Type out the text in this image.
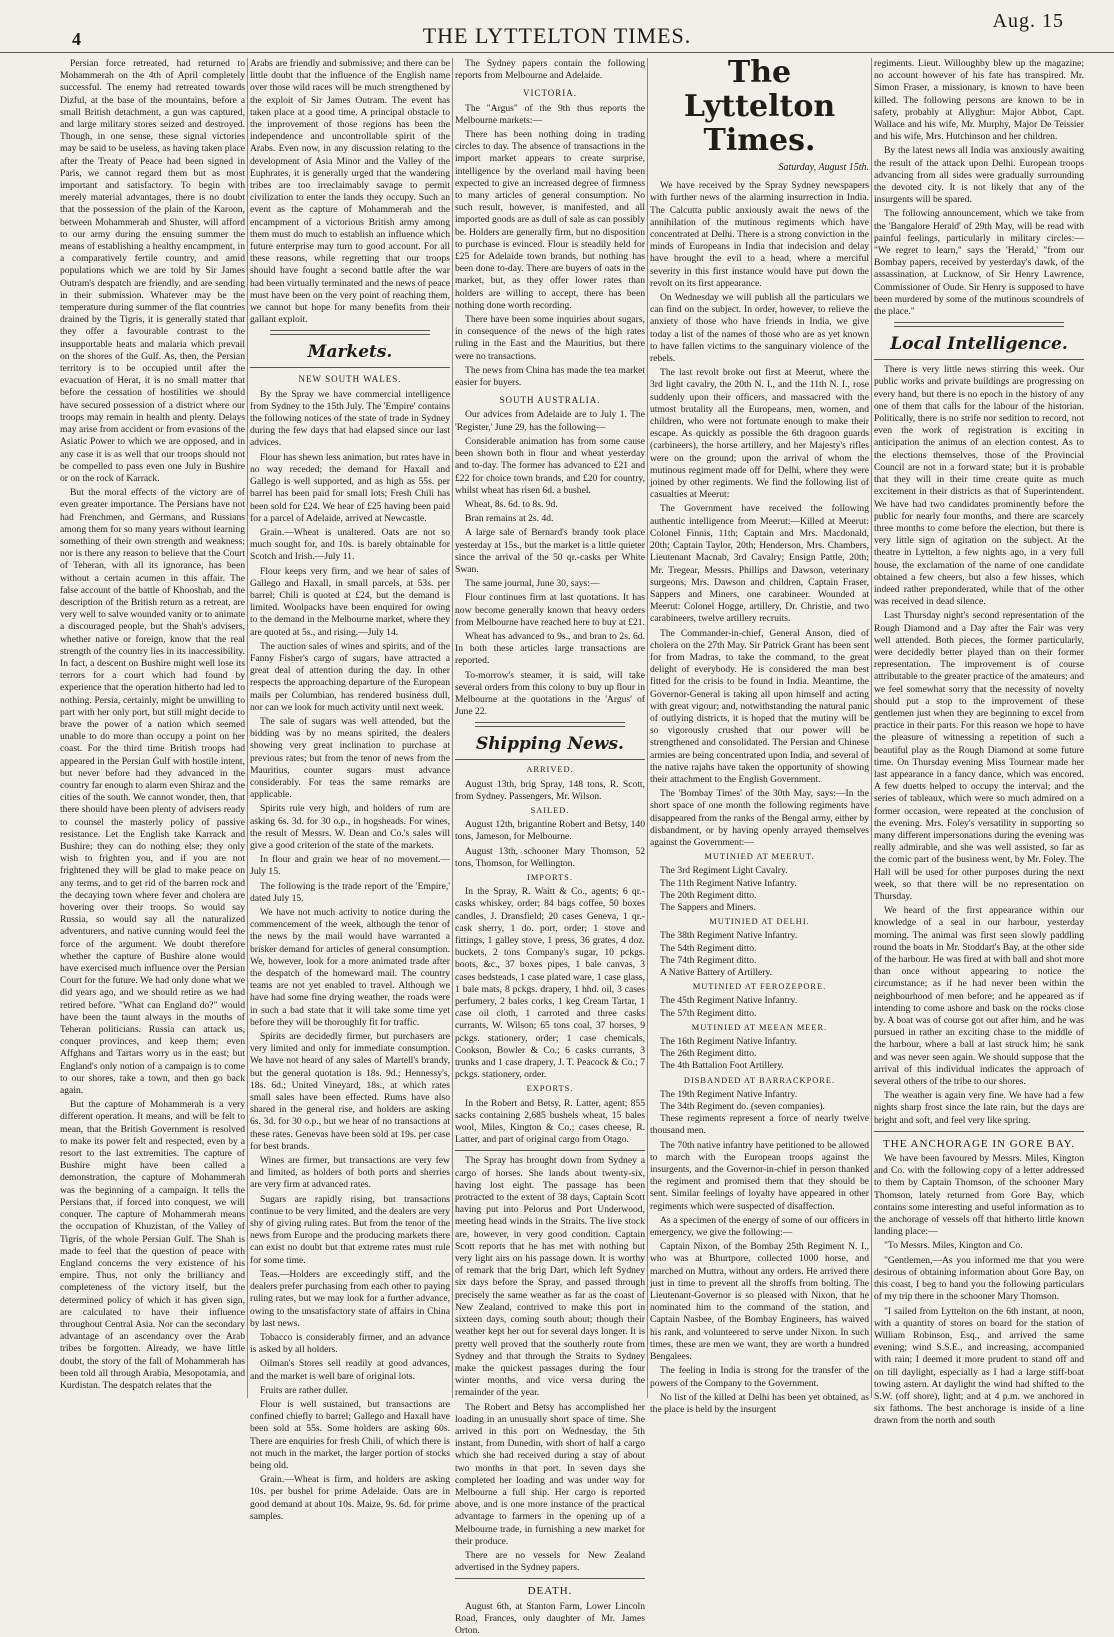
4	THE LYTTELTON TIMES.
Aug. 15

Persian force retreated, had returned to Mohammerah on the 4th of April completely successful. The enemy had retreated towards Dizful, at the base of the mountains, before a small British detachment, a gun was captured, and large military stores seized and destroyed. Though, in one sense, these signal victories may be said to be useless, as having taken place after the Treaty of Peace had been signed in Paris, we cannot regard them but as most important and satisfactory. To begin with merely material advantages, there is no doubt that the possession of the plain of the Karoon, between Mohammerah and Shuster, will afford to our army during the ensuing summer the means of establishing a healthy encampment, in a comparatively fertile country, and amid populations which we are told by Sir James Outram's despatch are friendly, and are sending in their submission. Whatever may be the temperature during summer of the flat countries drained by the Tigris, it is generally stated that they offer a favourable contrast to the insupportable heats and malaria which prevail on the shores of the Gulf. As, then, the Persian territory is to be occupied until after the evacuation of Herat, it is no small matter that before the cessation of hostilities we should have secured possession of a district where our troops may remain in health and plenty. Delays may arise from accident or from evasions of the Asiatic Power to which we are opposed, and in any case it is as well that our troops should not be compelled to pass even one July in Bushire or on the rock of Karrack.

But the moral effects of the victory are of even greater importance. The Persians have not had Frenchmen, and Germans, and Russians among them for so many years without learning something of their own strength and weakness; nor is there any reason to believe that the Court of Teheran, with all its ignorance, has been without a certain acumen in this affair. The false account of the battle of Khooshab, and the description of the British return as a retreat, are very well to salve wounded vanity or to animate a discouraged people, but the Shah's advisers, whether native or foreign, know that the real strength of the country lies in its inaccessibility. In fact, a descent on Bushire might well lose its terrors for a court which had found by experience that the operation hitherto had led to nothing. Persia, certainly, might be unwilling to part with her only port, but still might decide to brave the power of a nation which seemed unable to do more than occupy a point on her coast. For the third time British troops had appeared in the Persian Gulf with hostile intent, but never before had they advanced in the country far enough to alarm even Shiraz and the cities of the south. We cannot wonder, then, that there should have been plenty of advisers ready to counsel the masterly policy of passive resistance. Let the English take Karrack and Bushire; they can do nothing else; they only wish to frighten you, and if you are not frightened they will be glad to make peace on any terms, and to get rid of the barren rock and the decaying town where fever and cholera are hovering over their troops. So would say Russia, so would say all the naturalized adventurers, and native cunning would feel the force of the argument. We doubt therefore whether the capture of Bushire alone would have exercised much influence over the Persian Court for the future. We had only done what we did years ago, and we should retire as we had retired before. "What can England do?" would have been the taunt always in the mouths of Teheran politicians. Russia can attack us, conquer provinces, and keep them; even Affghans and Tartars worry us in the east; but England's only notion of a campaign is to come to our shores, take a town, and then go back again.

But the capture of Mohammerah is a very different operation. It means, and will be felt to mean, that the British Government is resolved to make its power felt and respected, even by a resort to the last extremities. The capture of Bushire might have been called a demonstration, the capture of Mohammerah was the beginning of a campaign. It tells the Persians that, if forced into conquest, we will conquer. The capture of Mohammerah means the occupation of Khuzistan, of the Valley of Tigris, of the whole Persian Gulf. The Shah is made to feel that the question of peace with England concerns the very existence of his empire. Thus, not only the brilliancy and completeness of the victory itself, but the determined policy of which it has given sign, are calculated to have their influence throughout Central Asia. Nor can the secondary advantage of an ascendancy over the Arab tribes be forgotten. Already, we have little doubt, the story of the fall of Mohammerah has been told all through Arabia, Mesopotamia, and Kurdistan. The despatch relates that the

Arabs are friendly and submissive; and there can be little doubt that the influence of the English name over those wild races will be much strengthened by the exploit of Sir James Outram. The event has taken place at a good time. A principal obstacle to the improvement of those regions has been the independence and uncontrollable spirit of the Arabs. Even now, in any discussion relating to the development of Asia Minor and the Valley of the Euphrates, it is generally urged that the wandering tribes are too irreclaimably savage to permit civilization to enter the lands they occupy. Such an event as the capture of Mohammerah and the encampment of a victorious British army among them must do much to establish an influence which future enterprise may turn to good account. For all these reasons, while regretting that our troops should have fought a second battle after the war had been virtually terminated and the news of peace must have been on the very point of reaching them, we cannot but hope for many benefits from their gallant exploit.

Markets.
NEW SOUTH WALES.

By the Spray we have commercial intelligence from Sydney to the 15th July. The 'Empire' contains the following notices of the state of trade in Sydney during the few days that had elapsed since our last advices.

Flour has shewn less animation, but rates have in no way receded; the demand for Haxall and Gallego is well supported, and as high as 55s. per barrel has been paid for small lots; Fresh Chili has been sold for £24. We hear of £25 having been paid for a parcel of Adelaide, arrived at Newcastle.

Grain.—Wheat is unaltered. Oats are not so much sought for, and 10s. is barely obtainable for Scotch and Irish.—July 11.

Flour keeps very firm, and we hear of sales of Gallego and Haxall, in small parcels, at 53s. per barrel; Chili is quoted at £24, but the demand is limited. Woolpacks have been enquired for owing to the demand in the Melbourne market, where they are quoted at 5s., and rising.—July 14.

The auction sales of wines and spirits, and of the Fanny Fisher's cargo of sugars, have attracted a great deal of attention during the day. In other respects the approaching departure of the European mails per Columbian, has rendered business dull, nor can we look for much activity until next week.

The sale of sugars was well attended, but the bidding was by no means spirited, the dealers showing very great inclination to purchase at previous rates; but from the tenor of news from the Mauritius, counter sugars must advance considerably. For teas the same remarks are applicable.

Spirits rule very high, and holders of rum are asking 6s. 3d. for 30 o.p., in hogsheads. For wines, the result of Messrs. W. Dean and Co.'s sales will give a good criterion of the state of the markets.

In flour and grain we hear of no movement.—July 15.

The following is the trade report of the 'Empire,' dated July 15.

We have not much activity to notice during the commencement of the week, although the tenor of the news by the mail would have warranted a brisker demand for articles of general consumption. We, however, look for a more animated trade after the despatch of the homeward mail. The country teams are not yet enabled to travel. Although we have had some fine drying weather, the roads were in such a bad state that it will take some time yet before they will be thoroughly fit for traffic.

Spirits are decidedly firmer, but purchasers are very limited and only for immediate consumption. We have not heard of any sales of Martell's brandy, but the general quotation is 18s. 9d.; Hennessy's, 18s. 6d.; United Vineyard, 18s., at which rates small sales have been effected. Rums have also shared in the general rise, and holders are asking 6s. 3d. for 30 o.p., but we hear of no transactions at these rates. Genevas have been sold at 19s. per case for best brands.

Wines are firmer, but transactions are very few and limited, as holders of both ports and sherries are very firm at advanced rates.

Sugars are rapidly rising, but transactions continue to be very limited, and the dealers are very shy of giving ruling rates. But from the tenor of the news from Europe and the producing markets there can exist no doubt but that extreme rates must rule for some time.

Teas.—Holders are exceedingly stiff, and the dealers prefer purchasing from each other to paying ruling rates, but we may look for a further advance, owing to the unsatisfactory state of affairs in China by last news.

Tobacco is considerably firmer, and an advance is asked by all holders.

Oilman's Stores sell readily at good advances, and the market is well bare of original lots.

Fruits are rather duller.

Flour is well sustained, but transactions are confined chiefly to barrel; Gallego and Haxall have been sold at 55s. Some holders are asking 60s. There are enquiries for fresh Chili, of which there is not much in the market, the larger portion of stocks being old.

Grain.—Wheat is firm, and holders are asking 10s. per bushel for prime Adelaide. Oats are in good demand at about 10s. Maize, 9s. 6d. for prime samples.

The Sydney papers contain the following reports from Melbourne and Adelaide.

VICTORIA.

The "Argus" of the 9th thus reports the Melbourne markets:—

There has been nothing doing in trading circles to day. The absence of transactions in the import market appears to create surprise, intelligence by the overland mail having been expected to give an increased degree of firmness to many articles of general consumption. No such result, however, is manifested, and all imported goods are as dull of sale as can possibly be. Holders are generally firm, but no disposition to purchase is evinced. Flour is steadily held for £25 for Adelaide town brands, but nothing has been done to-day. There are buyers of oats in the market, but, as they offer lower rates than holders are willing to accept, there has been nothing done worth recording.

There have been some inquiries about sugars, in consequence of the news of the high rates ruling in the East and the Mauritius, but there were no transactions.

The news from China has made the tea market easier for buyers.

SOUTH AUSTRALIA.

Our advices from Adelaide are to July 1. The 'Register,' June 29, has the following—

Considerable animation has from some cause been shown both in flour and wheat yesterday and to-day. The former has advanced to £21 and £22 for choice town brands, and £20 for country, whilst wheat has risen 6d. a bushel.

Wheat, 8s. 6d. to 8s. 9d.

Bran remains at 2s. 4d.

A large sale of Bernard's brandy took place yesterday at 15s., but the market is a little quieter since the arrival of the 50 qr.-casks per White Swan.

The same journal, June 30, says:—

Flour continues firm at last quotations. It has now become generally known that heavy orders from Melbourne have reached here to buy at £21.

Wheat has advanced to 9s., and bran to 2s. 6d. In both these articles large transactions are reported.

To-morrow's steamer, it is said, will take several orders from this colony to buy up flour in Melbourne at the quotations in the 'Argus' of June 22.

Shipping News.
ARRIVED.

August 13th, brig Spray, 148 tons, R. Scott, from Sydney. Passengers, Mr. Wilson.

SAILED.

August 12th, brigantine Robert and Betsy, 140 tons, Jameson, for Melbourne.

August 13th, schooner Mary Thomson, 52 tons, Thomson, for Wellington.

IMPORTS.

In the Spray, R. Waitt & Co., agents; 6 qr.-casks whiskey, order; 84 bags coffee, 50 boxes candles, J. Dransfield; 20 cases Geneva, 1 qr.-cask sherry, 1 do. port, order; 1 stove and fittings, 1 galley stove, 1 press, 36 grates, 4 doz. buckets, 2 tons Company's sugar, 10 pckgs. boots, &c., 37 boxes pipes, 1 bale canvas, 3 cases bedsteads, 1 case plated ware, 1 case glass, 1 bale mats, 8 pckgs. drapery, 1 hhd. oil, 3 cases perfumery, 2 bales corks, 1 keg Cream Tartar, 1 case oil cloth, 1 carroted and three casks currants, W. Wilson; 65 tons coal, 37 horses, 9 pckgs. stationery, order; 1 case chemicals, Cookson, Bowler & Co.; 6 casks currants, 3 trunks and 1 case drapery, J. T. Peacock & Co.; 7 pckgs. stationery, order.

EXPORTS.

In the Robert and Betsy, R. Latter, agent; 855 sacks containing 2,685 bushels wheat, 15 bales wool, Miles, Kington & Co.; cases cheese, R. Latter, and part of original cargo from Otago.

The Spray has brought down from Sydney a cargo of horses. She lands about twenty-six, having lost eight. The passage has been protracted to the extent of 38 days, Captain Scott having put into Pelorus and Port Underwood, meeting head winds in the Straits. The live stock are, however, in very good condition. Captain Scott reports that he has met with nothing but very light airs on his passage down. It is worthy of remark that the brig Dart, which left Sydney six days before the Spray, and passed through precisely the same weather as far as the coast of New Zealand, contrived to make this port in sixteen days, coming south about; though their weather kept her out for several days longer. It is pretty well proved that the southerly route from Sydney and that through the Straits to Sydney make the quickest passages during the four winter months, and vice versa during the remainder of the year.

The Robert and Betsy has accomplished her loading in an unusually short space of time. She arrived in this port on Wednesday, the 5th instant, from Dunedin, with short of half a cargo which she had received during a stay of about two months in that port. In seven days she completed her loading and was under way for Melbourne a full ship. Her cargo is reported above, and is one more instance of the practical advantage to farmers in the opening up of a Melbourne trade, in furnishing a new market for their produce.

There are no vessels for New Zealand advertised in the Sydney papers.

DEATH.

August 6th, at Stanton Farm, Lower Lincoln Road, Frances, only daughter of Mr. James Orton.

The Lyttelton Times.
Saturday, August 15th.

We have received by the Spray Sydney newspapers with further news of the alarming insurrection in India. The Calcutta public anxiously await the news of the annihilation of the mutinous regiments which have concentrated at Delhi. There is a strong conviction in the minds of Europeans in India that indecision and delay have brought the evil to a head, where a merciful severity in this first instance would have put down the revolt on its first appearance.

On Wednesday we will publish all the particulars we can find on the subject. In order, however, to relieve the anxiety of those who have friends in India, we give today a list of the names of those who are as yet known to have fallen victims to the sanguinary violence of the rebels.

The last revolt broke out first at Meerut, where the 3rd light cavalry, the 20th N. I., and the 11th N. I., rose suddenly upon their officers, and massacred with the utmost brutality all the Europeans, men, women, and children, who were not fortunate enough to make their escape. As quickly as possible the 6th dragoon guards (carbineers), the horse artillery, and her Majesty's rifles were on the ground; upon the arrival of whom the mutinous regiment made off for Delhi, where they were joined by other regiments. We find the following list of casualties at Meerut:

The Government have received the following authentic intelligence from Meerut:—Killed at Meerut: Colonel Finnis, 11th; Captain and Mrs. Macdonald, 20th; Captain Taylor, 20th; Henderson, Mrs. Chambers, Lieutenant Macnab, 3rd Cavalry; Ensign Pattle, 20th; Mr. Tregear, Messrs. Phillips and Dawson, veterinary surgeons, Mrs. Dawson and children, Captain Fraser, Sappers and Miners, one carabineer. Wounded at Meerut: Colonel Hogge, artillery, Dr. Christie, and two carabineers, twelve artillery recruits.

The Commander-in-chief, General Anson, died of cholera on the 27th May. Sir Patrick Grant has been sent for from Madras, to take the command, to the great delight of everybody. He is considered the man best fitted for the crisis to be found in India. Meantime, the Governor-General is taking all upon himself and acting with great vigour; and, notwithstanding the natural panic of outlying districts, it is hoped that the mutiny will be so vigorously crushed that our power will be strengthened and consolidated. The Persian and Chinese armies are being concentrated upon India, and several of the native rajahs have taken the opportunity of showing their attachment to the English Government.

The 'Bombay Times' of the 30th May, says:—In the short space of one month the following regiments have disappeared from the ranks of the Bengal army, either by disbandment, or by having openly arrayed themselves against the Government:—

MUTINIED AT MEERUT.

The 3rd Regiment Light Cavalry.

The 11th Regiment Native Infantry.

The 20th Regiment ditto.

The Sappers and Miners.

MUTINIED AT DELHI.

The 38th Regiment Native Infantry.

The 54th Regiment ditto.

The 74th Regiment ditto.

A Native Battery of Artillery.

MUTINIED AT FEROZEPORE.

The 45th Regiment Native Infantry.

The 57th Regiment ditto.

MUTINIED AT MEEAN MEER.

The 16th Regiment Native Infantry.

The 26th Regiment ditto.

The 4th Battalion Foot Artillery.

DISBANDED AT BARRACKPORE.

The 19th Regiment Native Infantry.

The 34th Regiment do. (seven companies).

These regiments represent a force of nearly twelve thousand men.

The 70th native infantry have petitioned to be allowed to march with the European troops against the insurgents, and the Governor-in-chief in person thanked the regiment and promised them that they should be sent. Similar feelings of loyalty have appeared in other regiments which were suspected of disaffection.

As a specimen of the energy of some of our officers in emergency, we give the following:—

Captain Nixon, of the Bombay 25th Regiment N. I., who was at Bhurtpore, collected 1000 horse, and marched on Muttra, without any orders. He arrived there just in time to prevent all the shroffs from bolting. The Lieutenant-Governor is so pleased with Nixon, that he nominated him to the command of the station, and Captain Nasbee, of the Bombay Engineers, has waived his rank, and volunteered to serve under Nixon. In such times, these are men we want, they are worth a hundred Bengalees.

The feeling in India is strong for the transfer of the powers of the Company to the Government.

No list of the killed at Delhi has been yet obtained, as the place is held by the insurgent

regiments. Lieut. Willoughby blew up the magazine; no account however of his fate has transpired. Mr. Simon Fraser, a missionary, is known to have been killed. The following persons are known to be in safety, probably at Allyghur: Major Abbot, Capt. Wallace and his wife, Mr. Murphy, Major De Teissier and his wife, Mrs. Hutchinson and her children.

By the latest news all India was anxiously awaiting the result of the attack upon Delhi. European troops advancing from all sides were gradually surrounding the devoted city. It is not likely that any of the insurgents will be spared.

The following announcement, which we take from the 'Bangalore Herald' of 29th May, will be read with painful feelings, particularly in military circles:— "We regret to learn," says the 'Herald,' "from our Bombay papers, received by yesterday's dawk, of the assassination, at Lucknow, of Sir Henry Lawrence, Commissioner of Oude. Sir Henry is supposed to have been murdered by some of the mutinous scoundrels of the place."

Local Intelligence.

There is very little news stirring this week. Our public works and private buildings are progressing on every hand, but there is no epoch in the history of any one of them that calls for the labour of the historian. Politically, there is no strife nor sedition to record, not even the work of registration is exciting in anticipation the animus of an election contest. As to the elections themselves, those of the Provincial Council are not in a forward state; but it is probable that they will in their time create quite as much excitement in their districts as that of Superintendent. We have had two candidates prominently before the public for nearly four months, and there are scarcely three months to come before the election, but there is very little sign of agitation on the subject. At the theatre in Lyttelton, a few nights ago, in a very full house, the exclamation of the name of one candidate obtained a few cheers, but also a few hisses, which indeed rather preponderated, while that of the other was received in dead silence.

Last Thursday night's second representation of the Rough Diamond and a Day after the Fair was very well attended. Both pieces, the former particularly, were decidedly better played than on their former representation. The improvement is of course attributable to the greater practice of the amateurs; and we feel somewhat sorry that the necessity of novelty should put a stop to the improvement of these gentlemen just when they are beginning to excel from practice in their parts. For this reason we hope to have the pleasure of witnessing a repetition of such a beautiful play as the Rough Diamond at some future time. On Thursday evening Miss Tournear made her last appearance in a fancy dance, which was encored. A few duetts helped to occupy the interval; and the series of tableaux, which were so much admired on a former occasion, were repeated at the conclusion of the evening. Mrs. Foley's versatility in supporting so many different impersonations during the evening was really admirable, and she was well assisted, so far as the comic part of the business went, by Mr. Foley. The Hall will be used for other purposes during the next week, so that there will be no representation on Thursday.

We heard of the first appearance within our knowledge of a seal in our harbour, yesterday morning. The animal was first seen slowly paddling round the boats in Mr. Stoddart's Bay, at the other side of the harbour. He was fired at with ball and shot more than once without appearing to notice the circumstance; as if he had never been within the neighbourhood of men before; and he appeared as if intending to come ashore and bask on the rocks close by. A boat was of course got out after him, and he was pursued in rather an exciting chase to the middle of the harbour, where a ball at last struck him; he sank and was never seen again. We should suppose that the arrival of this individual indicates the approach of several others of the tribe to our shores.

The weather is again very fine. We have had a few nights sharp frost since the late rain, but the days are bright and soft, and feel very like spring.

THE ANCHORAGE IN GORE BAY.

We have been favoured by Messrs. Miles, Kington and Co. with the following copy of a letter addressed to them by Captain Thomson, of the schooner Mary Thomson, lately returned from Gore Bay, which contains some interesting and useful information as to the anchorage of vessels off that hitherto little known landing place:—

"To Messrs. Miles, Kington and Co.

"Gentlemen,—As you informed me that you were desirous of obtaining information about Gore Bay, on this coast, I beg to hand you the following particulars of my trip there in the schooner Mary Thomson.

"I sailed from Lyttelton on the 6th instant, at noon, with a quantity of stores on board for the station of William Robinson, Esq., and arrived the same evening; wind S.S.E., and increasing, accompanied with rain; I deemed it more prudent to stand off and on till daylight, especially as I had a large stiff-boat towing astern. At daylight the wind had shifted to the S.W. (off shore), light; and at 4 p.m. we anchored in six fathoms. The best anchorage is inside of a line drawn from the north and south
